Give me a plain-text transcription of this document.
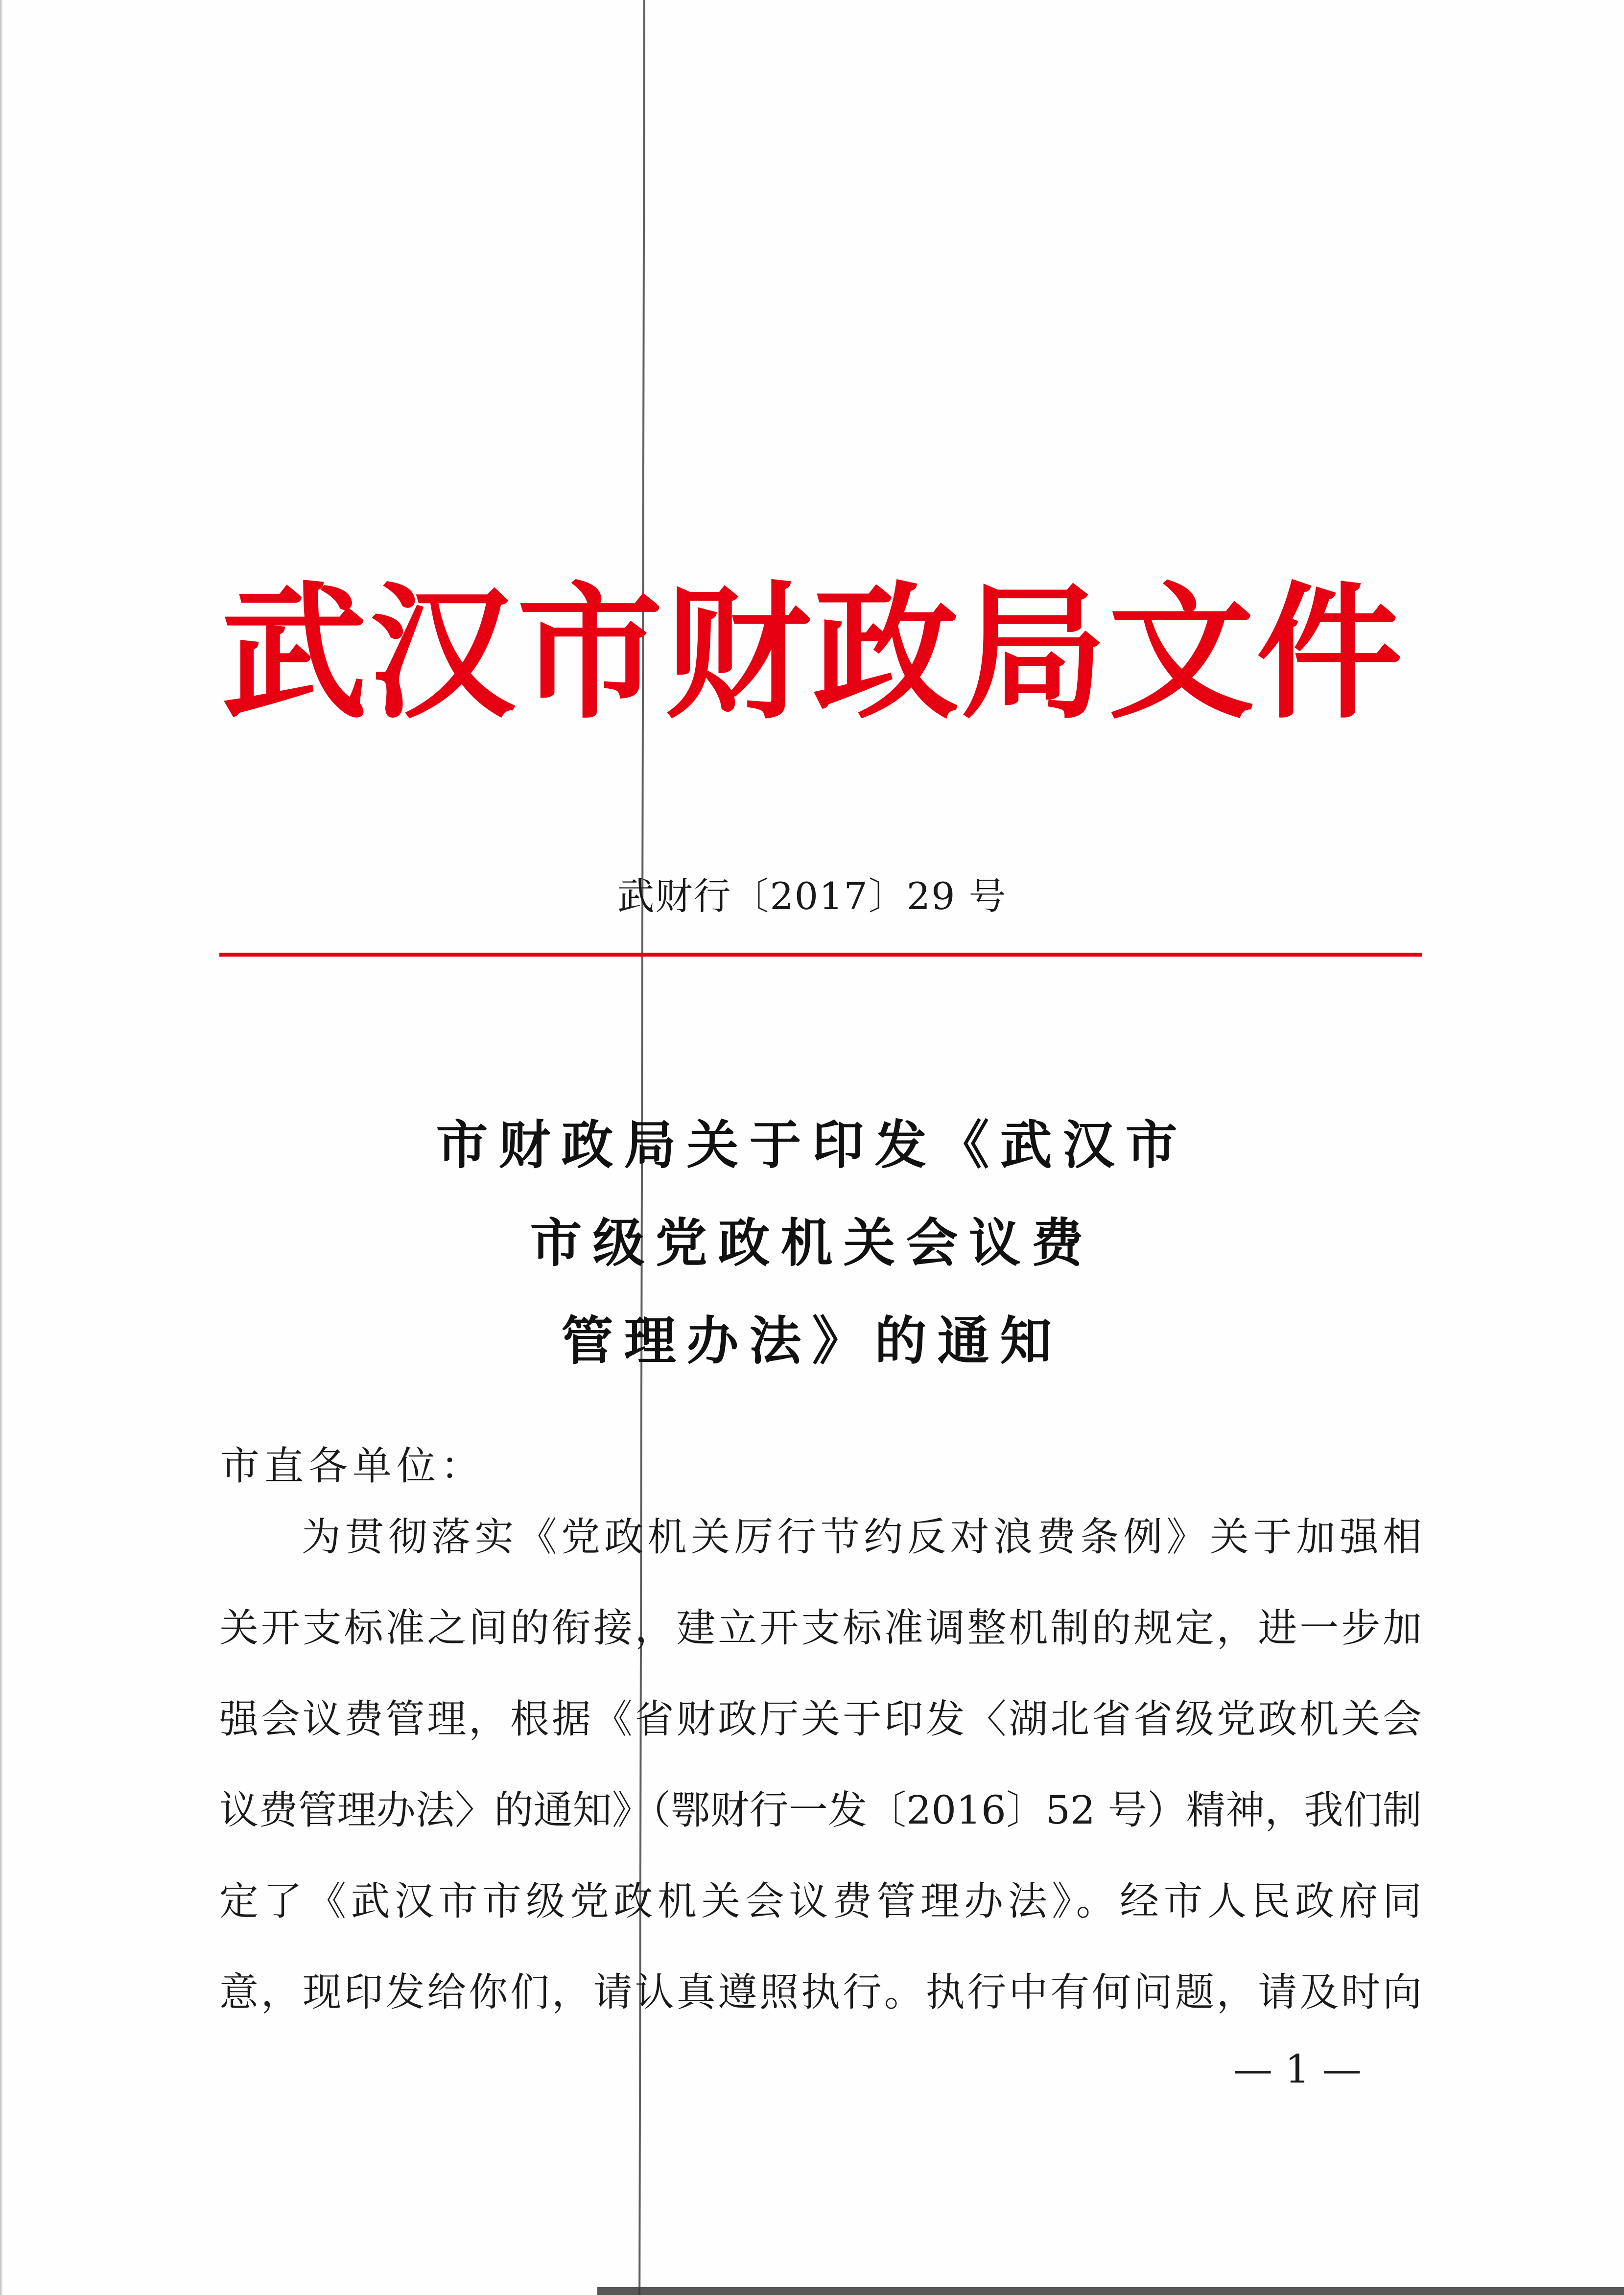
武汉市财政局文件
武财行〔2017〕29 号
市财政局关于印发《武汉市
市级党政机关会议费
管理办法》的通知
市直各单位：
为贯彻落实《党政机关厉行节约反对浪费条例》关于加强相
关开支标准之间的衔接，建立开支标准调整机制的规定，进一步加
强会议费管理，根据《省财政厅关于印发〈湖北省省级党政机关会
议费管理办法〉的通知》（鄂财行一发〔2016〕52 号）精神，我们制
定了《武汉市市级党政机关会议费管理办法》。经市人民政府同
意，现印发给你们，请认真遵照执行。执行中有何问题，请及时向
— 1 —
